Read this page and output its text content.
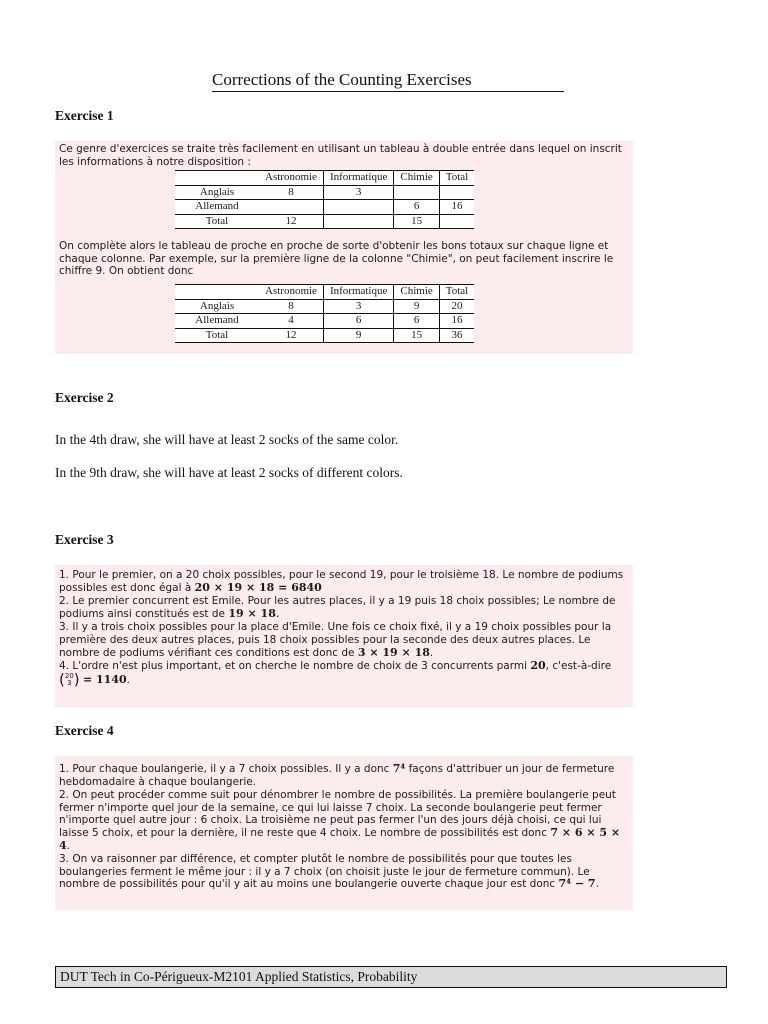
Corrections of the Counting Exercises
Exercise 1
Ce genre d'exercices se traite très facilement en utilisant un tableau à double entrée dans lequel on inscrit les informations à notre disposition :
	Astronomie	Informatique	Chimie	Total
Anglais	8	3		
Allemand			6	16
Total	12		15	
On complète alors le tableau de proche en proche de sorte d'obtenir les bons totaux sur chaque ligne et chaque colonne. Par exemple, sur la première ligne de la colonne "Chimie", on peut facilement inscrire le chiffre 9. On obtient donc
	Astronomie	Informatique	Chimie	Total
Anglais	8	3	9	20
Allemand	4	6	6	16
Total	12	9	15	36
Exercise 2
In the 4th draw, she will have at least 2 socks of the same color.
In the 9th draw, she will have at least 2 socks of different colors.
Exercise 3
1. Pour le premier, on a 20 choix possibles, pour le second 19, pour le troisième 18. Le nombre de podiums possibles est donc égal à 20 × 19 × 18 = 6840
2. Le premier concurrent est Emile. Pour les autres places, il y a 19 puis 18 choix possibles; Le nombre de podiums ainsi constitués est de 19 × 18.
3. Il y a trois choix possibles pour la place d'Emile. Une fois ce choix fixé, il y a 19 choix possibles pour la première des deux autres places, puis 18 choix possibles pour la seconde des deux autres places. Le nombre de podiums vérifiant ces conditions est donc de 3 × 19 × 18.
4. L'ordre n'est plus important, et on cherche le nombre de choix de 3 concurrents parmi 20, c'est-à-dire ( 20
3 ) = 1140.
Exercise 4
1. Pour chaque boulangerie, il y a 7 choix possibles. Il y a donc 7⁴ façons d'attribuer un jour de fermeture hebdomadaire à chaque boulangerie.
2. On peut procéder comme suit pour dénombrer le nombre de possibilités. La première boulangerie peut fermer n'importe quel jour de la semaine, ce qui lui laisse 7 choix. La seconde boulangerie peut fermer n'importe quel autre jour : 6 choix. La troisième ne peut pas fermer l'un des jours déjà choisi, ce qui lui laisse 5 choix, et pour la dernière, il ne reste que 4 choix. Le nombre de possibilités est donc 7 × 6 × 5 × 4.
3. On va raisonner par différence, et compter plutôt le nombre de possibilités pour que toutes les boulangeries ferment le même jour : il y a 7 choix (on choisit juste le jour de fermeture commun). Le nombre de possibilités pour qu'il y ait au moins une boulangerie ouverte chaque jour est donc 7⁴ − 7.
DUT Tech in Co-Périgueux-M2101 Applied Statistics, Probability
